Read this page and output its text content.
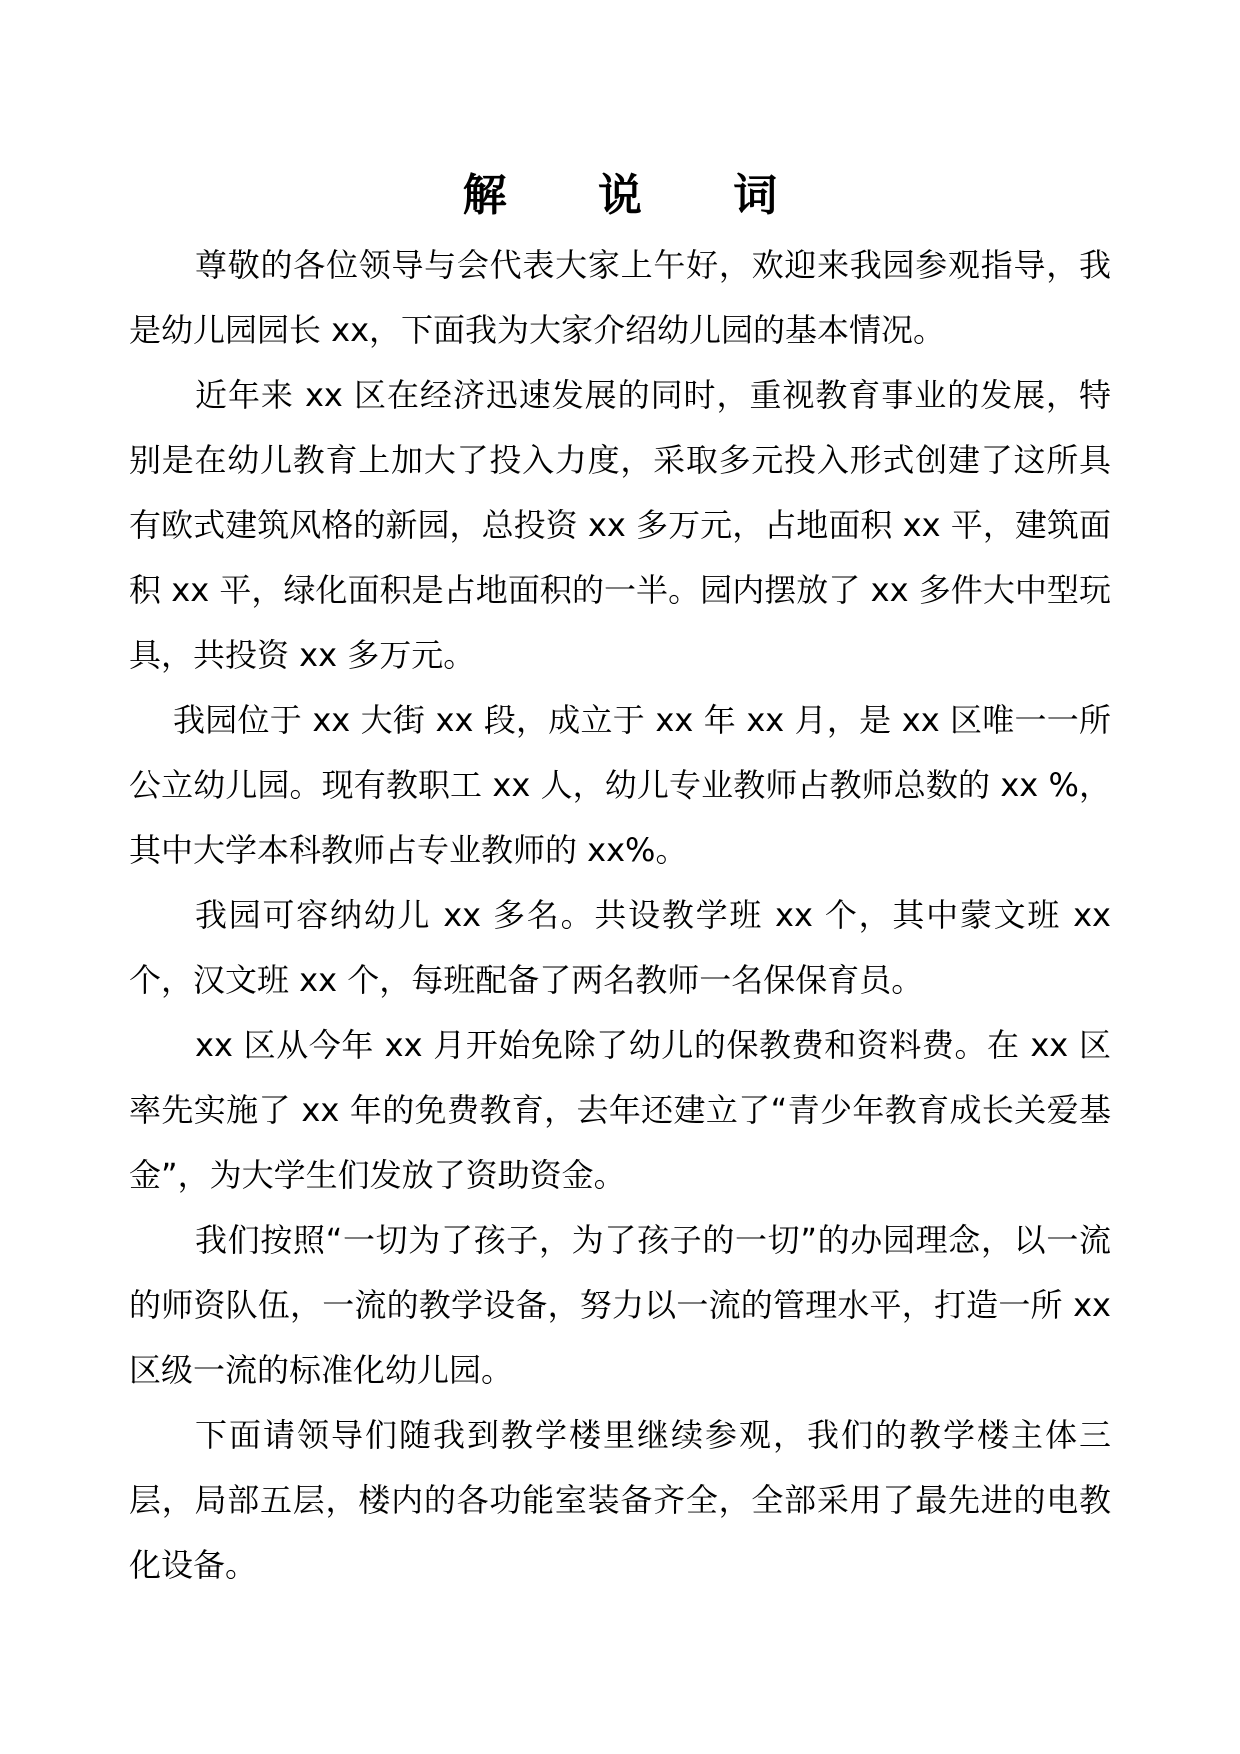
解 说 词

尊敬的各位领导与会代表大家上午好，欢迎来我园参观指导，我是幼儿园园长 xx，下面我为大家介绍幼儿园的基本情况。

近年来 xx 区在经济迅速发展的同时，重视教育事业的发展，特别是在幼儿教育上加大了投入力度，采取多元投入形式创建了这所具有欧式建筑风格的新园，总投资 xx 多万元，占地面积 xx 平，建筑面积 xx 平，绿化面积是占地面积的一半。园内摆放了 xx 多件大中型玩具，共投资 xx 多万元。

我园位于 xx 大街 xx 段，成立于 xx 年 xx 月，是 xx 区唯一一所公立幼儿园。现有教职工 xx 人，幼儿专业教师占教师总数的 xx %，其中大学本科教师占专业教师的 xx%。

我园可容纳幼儿 xx 多名。共设教学班 xx 个，其中蒙文班 xx 个，汉文班 xx 个，每班配备了两名教师一名保保育员。

xx 区从今年 xx 月开始免除了幼儿的保教费和资料费。在 xx 区率先实施了 xx 年的免费教育，去年还建立了“青少年教育成长关爱基金”，为大学生们发放了资助资金。

我们按照“一切为了孩子，为了孩子的一切”的办园理念，以一流的师资队伍，一流的教学设备，努力以一流的管理水平，打造一所 xx 区级一流的标准化幼儿园。

下面请领导们随我到教学楼里继续参观，我们的教学楼主体三层，局部五层，楼内的各功能室装备齐全，全部采用了最先进的电教化设备。
